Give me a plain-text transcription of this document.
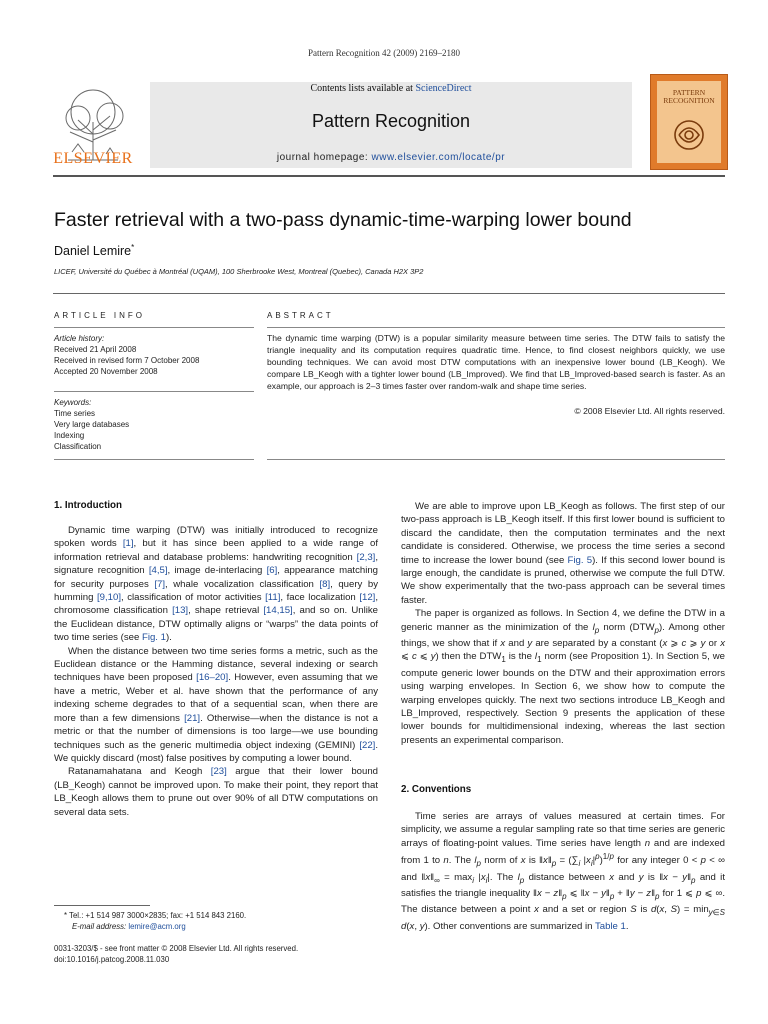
Pattern Recognition 42 (2009) 2169–2180
ELSEVIER
Contents lists available at ScienceDirect
Pattern Recognition
journal homepage: www.elsevier.com/locate/pr
PATTERN
RECOGNITION
Faster retrieval with a two-pass dynamic-time-warping lower bound
Daniel Lemire*
LICEF, Université du Québec à Montréal (UQAM), 100 Sherbrooke West, Montreal (Quebec), Canada H2X 3P2
ARTICLE INFO
Article history:
Received 21 April 2008
Received in revised form 7 October 2008
Accepted 20 November 2008
Keywords:
Time series
Very large databases
Indexing
Classification
ABSTRACT
The dynamic time warping (DTW) is a popular similarity measure between time series. The DTW fails to satisfy the triangle inequality and its computation requires quadratic time. Hence, to find closest neighbors quickly, we use bounding techniques. We can avoid most DTW computations with an inexpensive lower bound (LB_Keogh). We compare LB_Keogh with a tighter lower bound (LB_Improved). We find that LB_Improved-based search is faster. As an example, our approach is 2–3 times faster over random-walk and shape time series.
© 2008 Elsevier Ltd. All rights reserved.
1. Introduction

Dynamic time warping (DTW) was initially introduced to recognize spoken words [1], but it has since been applied to a wide range of information retrieval and database problems: handwriting recognition [2,3], signature recognition [4,5], image de-interlacing [6], appearance matching for security purposes [7], whale vocalization classification [8], query by humming [9,10], classification of motor activities [11], face localization [12], chromosome classification [13], shape retrieval [14,15], and so on. Unlike the Euclidean distance, DTW optimally aligns or “warps” the data points of two time series (see Fig. 1).

When the distance between two time series forms a metric, such as the Euclidean distance or the Hamming distance, several indexing or search techniques have been proposed [16–20]. However, even assuming that we have a metric, Weber et al. have shown that the performance of any indexing scheme degrades to that of a sequential scan, when there are more than a few dimensions [21]. Otherwise—when the distance is not a metric or that the number of dimensions is too large—we use bounding techniques such as the generic multimedia object indexing (GEMINI) [22]. We quickly discard (most) false positives by computing a lower bound.

Ratanamahatana and Keogh [23] argue that their lower bound (LB_Keogh) cannot be improved upon. To make their point, they report that LB_Keogh allows them to prune out over 90% of all DTW computations on several data sets.

We are able to improve upon LB_Keogh as follows. The first step of our two-pass approach is LB_Keogh itself. If this first lower bound is sufficient to discard the candidate, then the computation terminates and the next candidate is considered. Otherwise, we process the time series a second time to increase the lower bound (see Fig. 5). If this second lower bound is large enough, the candidate is pruned, otherwise we compute the full DTW. We show experimentally that the two-pass approach can be several times faster.

The paper is organized as follows. In Section 4, we define the DTW in a generic manner as the minimization of the $l_p$ norm $(DTW_p)$. Among other things, we show that if x and y are separated by a constant (x ⩾ c ⩾ y or x ⩽ c ⩽ y) then the $DTW_1$ is the $l_1$ norm (see Proposition 1). In Section 5, we compute generic lower bounds on the DTW and their approximation errors using warping envelopes. In Section 6, we show how to compute the warping envelopes quickly. The next two sections introduce LB_Keogh and LB_Improved, respectively. Section 9 presents the application of these lower bounds for multidimensional indexing, whereas the last section presents an experimental comparison.

2. Conventions

Time series are arrays of values measured at certain times. For simplicity, we assume a regular sampling rate so that time series are generic arrays of floating-point values. Time series have length n and are indexed from 1 to n. The $l_p$ norm of x is $‖x‖_p = (\sum_i$ $|x_i|^p)^{1/p}$ for any integer 0 < p < ∞ and $‖x‖_\infty = \max_i |x_i|$. The $l_p$ distance between x and y is ‖x − $y‖_p$ and it satisfies the triangle inequality ‖x − $z‖_p$ ⩽ ‖x − $y‖_p$ + ‖y − $z‖_p$ for 1 ⩽ p ⩽ ∞. The distance between a point x and a set or region S is d(x, $S) = \min_{y\in S} d(x$, y). Other conventions are summarized in Table 1.

* Tel.: +1 514 987 3000×2835; fax: +1 514 843 2160.
E-mail address: lemire@acm.org
0031-3203/$ - see front matter © 2008 Elsevier Ltd. All rights reserved.
doi:10.1016/j.patcog.2008.11.030
